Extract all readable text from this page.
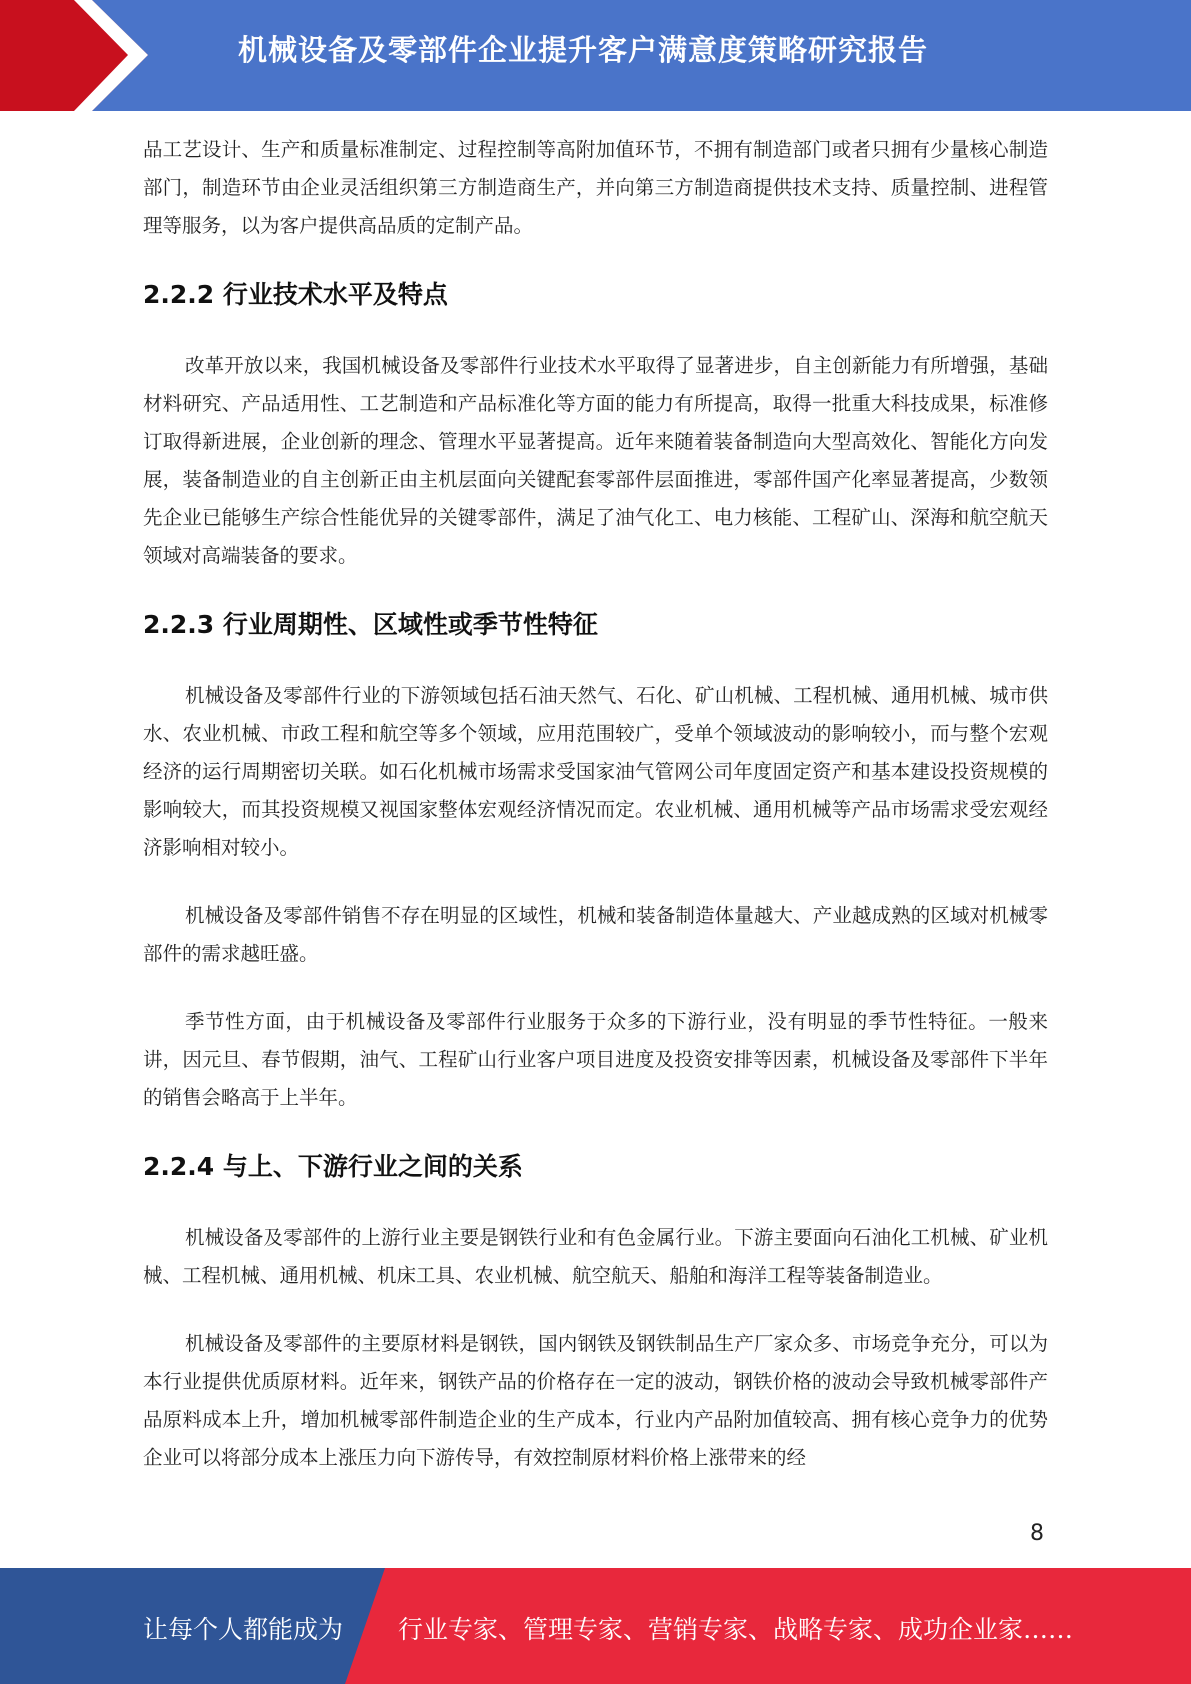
机械设备及零部件企业提升客户满意度策略研究报告

品工艺设计、生产和质量标准制定、过程控制等高附加值环节，不拥有制造部门或者只拥有少量核心制造部门，制造环节由企业灵活组织第三方制造商生产，并向第三方制造商提供技术支持、质量控制、进程管理等服务，以为客户提供高品质的定制产品。

2.2.2 行业技术水平及特点

改革开放以来，我国机械设备及零部件行业技术水平取得了显著进步，自主创新能力有所增强，基础材料研究、产品适用性、工艺制造和产品标准化等方面的能力有所提高，取得一批重大科技成果，标准修订取得新进展，企业创新的理念、管理水平显著提高。近年来随着装备制造向大型高效化、智能化方向发展，装备制造业的自主创新正由主机层面向关键配套零部件层面推进，零部件国产化率显著提高，少数领先企业已能够生产综合性能优异的关键零部件，满足了油气化工、电力核能、工程矿山、深海和航空航天领域对高端装备的要求。

2.2.3 行业周期性、区域性或季节性特征

机械设备及零部件行业的下游领域包括石油天然气、石化、矿山机械、工程机械、通用机械、城市供水、农业机械、市政工程和航空等多个领域，应用范围较广，受单个领域波动的影响较小，而与整个宏观经济的运行周期密切关联。如石化机械市场需求受国家油气管网公司年度固定资产和基本建设投资规模的影响较大，而其投资规模又视国家整体宏观经济情况而定。农业机械、通用机械等产品市场需求受宏观经济影响相对较小。

机械设备及零部件销售不存在明显的区域性，机械和装备制造体量越大、产业越成熟的区域对机械零部件的需求越旺盛。

季节性方面，由于机械设备及零部件行业服务于众多的下游行业，没有明显的季节性特征。一般来讲，因元旦、春节假期，油气、工程矿山行业客户项目进度及投资安排等因素，机械设备及零部件下半年的销售会略高于上半年。

2.2.4 与上、下游行业之间的关系

机械设备及零部件的上游行业主要是钢铁行业和有色金属行业。下游主要面向石油化工机械、矿业机械、工程机械、通用机械、机床工具、农业机械、航空航天、船舶和海洋工程等装备制造业。

机械设备及零部件的主要原材料是钢铁，国内钢铁及钢铁制品生产厂家众多、市场竞争充分，可以为本行业提供优质原材料。近年来，钢铁产品的价格存在一定的波动，钢铁价格的波动会导致机械零部件产品原料成本上升，增加机械零部件制造企业的生产成本，行业内产品附加值较高、拥有核心竞争力的优势企业可以将部分成本上涨压力向下游传导，有效控制原材料价格上涨带来的经

8
让每个人都能成为 行业专家、管理专家、营销专家、战略专家、成功企业家……
